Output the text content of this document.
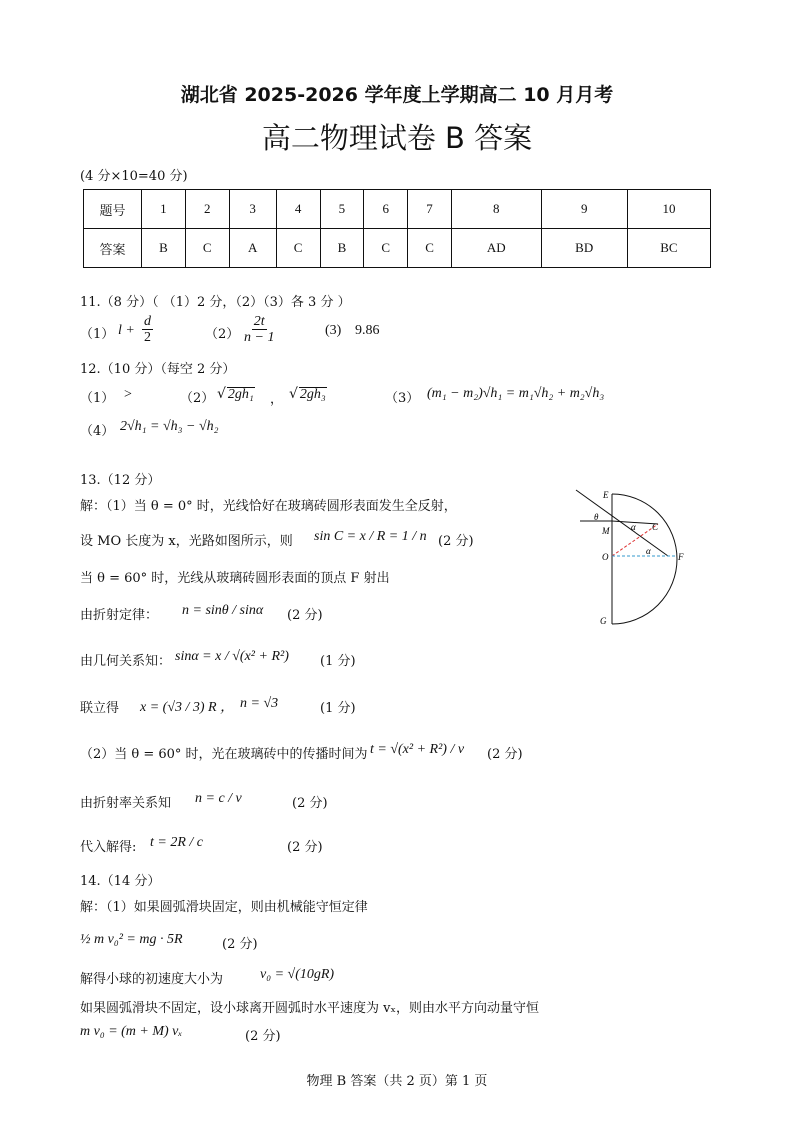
湖北省 2025-2026 学年度上学期高二 10 月月考
高二物理试卷 B 答案
(4 分×10=40 分)
题号	1	2	3	4	5	6	7	8	9	10
答案	B	C	A	C	B	C	C	AD	BD	BC
11.（8 分）（ （1）2 分，（2）（3）各 3 分 ）
（1） $l + \frac{d}{2}$	$(2) \frac{2t}{n - 1}$	(3) 9.86
12.（10 分）（每空 2 分）
（1） >	（2） √ 2gh₁ ， √ 2gh₃	（3） (m₁ − m₂)√h₁ = m₁√h₂ + m₂√h₃
（4） 2√h₁ = √h₃ − √h₂
13.（12 分）
解：（1）当 θ = 0° 时，光线恰好在玻璃砖圆形表面发生全反射，
设 MO 长度为 x，光路如图所示，则 sin C = x / R = 1 / n (2 分)
当 θ = 60° 时，光线从玻璃砖圆形表面的顶点 F 射出
由折射定律： n = sinθ / sinα (2 分)
由几何关系知： sinα = x / √(x² + R²) (1 分)
联立得 x = (√3 / 3) R ， n = √3	(1 分)
（2）当 θ = 60° 时，光在玻璃砖中的传播时间为 t = √(x² + R²) / v (2 分)
由折射率关系知 n = c / v	(2 分)
代入解得: t = 2R / c	(2 分)
E
θ
M
O
α C
α
F
G
14.（14 分）
解：（1）如果圆弧滑块固定，则由机械能守恒定律
½ m v₀² = mg · 5R	(2 分)
解得小球的初速度大小为	v₀ = √(10gR)
如果圆弧滑块不固定，设小球离开圆弧时水平速度为 vₓ，则由水平方向动量守恒
m v₀ = (m + M) vₓ	(2 分)
物理 B 答案（共 2 页）第 1 页
